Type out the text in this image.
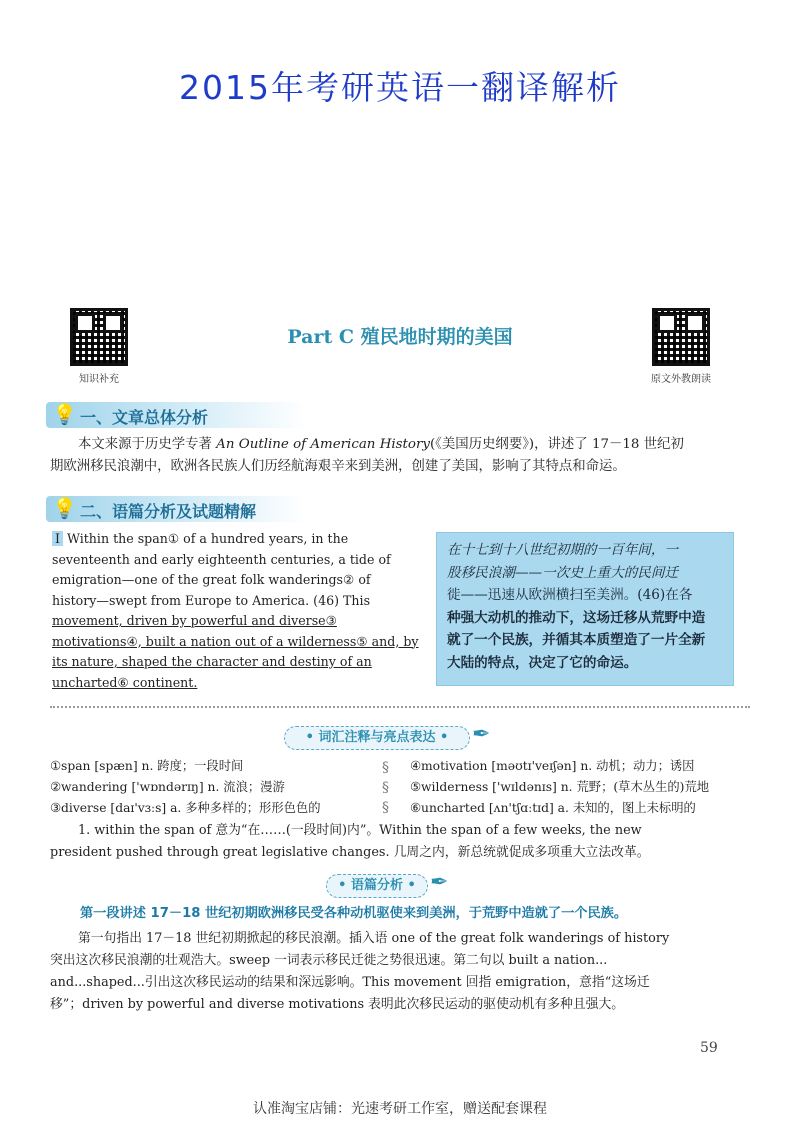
2015年考研英语一翻译解析
知识补充	原文外教朗读
Part C 殖民地时期的美国
💡 一、文章总体分析
本文来源于历史学专著 An Outline of American History(《美国历史纲要》)，讲述了 17－18 世纪初
期欧洲移民浪潮中，欧洲各民族人们历经航海艰辛来到美洲，创建了美国，影响了其特点和命运。
💡 二、语篇分析及试题精解
Ⅰ Within the span① of a hundred years, in the
seventeenth and early eighteenth centuries, a tide of
emigration—one of the great folk wanderings② of
history—swept from Europe to America. (46) This
movement, driven by powerful and diverse③
motivations④, built a nation out of a wilderness⑤ and, by
its nature, shaped the character and destiny of an
uncharted⑥ continent.
在十七到十八世纪初期的一百年间，一
股移民浪潮——一次史上重大的民间迁
徙——迅速从欧洲横扫至美洲。(46)在各
种强大动机的推动下，这场迁移从荒野中造
就了一个民族，并循其本质塑造了一片全新
大陆的特点，决定了它的命运。
• 词汇注释与亮点表达 •	✒
①span [spæn] n. 跨度；一段时间
②wandering ['wɒndərɪŋ] n. 流浪；漫游
③diverse [daɪ'vɜːs] a. 多种多样的；形形色色的
§
§
§
④motivation [məʊtɪ'veɪʃən] n. 动机；动力；诱因
⑤wilderness ['wɪldənɪs] n. 荒野；(草木丛生的)荒地
⑥uncharted [ʌn'tʃɑːtɪd] a. 未知的，图上未标明的
1. within the span of 意为“在……(一段时间)内”。Within the span of a few weeks, the new
president pushed through great legislative changes. 几周之内，新总统就促成多项重大立法改革。
• 语篇分析 • ✒
第一段讲述 17－18 世纪初期欧洲移民受各种动机驱使来到美洲，于荒野中造就了一个民族。
第一句指出 17－18 世纪初期掀起的移民浪潮。插入语 one of the great folk wanderings of history
突出这次移民浪潮的壮观浩大。sweep 一词表示移民迁徙之势很迅速。第二句以 built a nation...
and...shaped...引出这次移民运动的结果和深远影响。This movement 回指 emigration，意指“这场迁
移”；driven by powerful and diverse motivations 表明此次移民运动的驱使动机有多种且强大。
59
认准淘宝店铺：光速考研工作室，赠送配套课程
